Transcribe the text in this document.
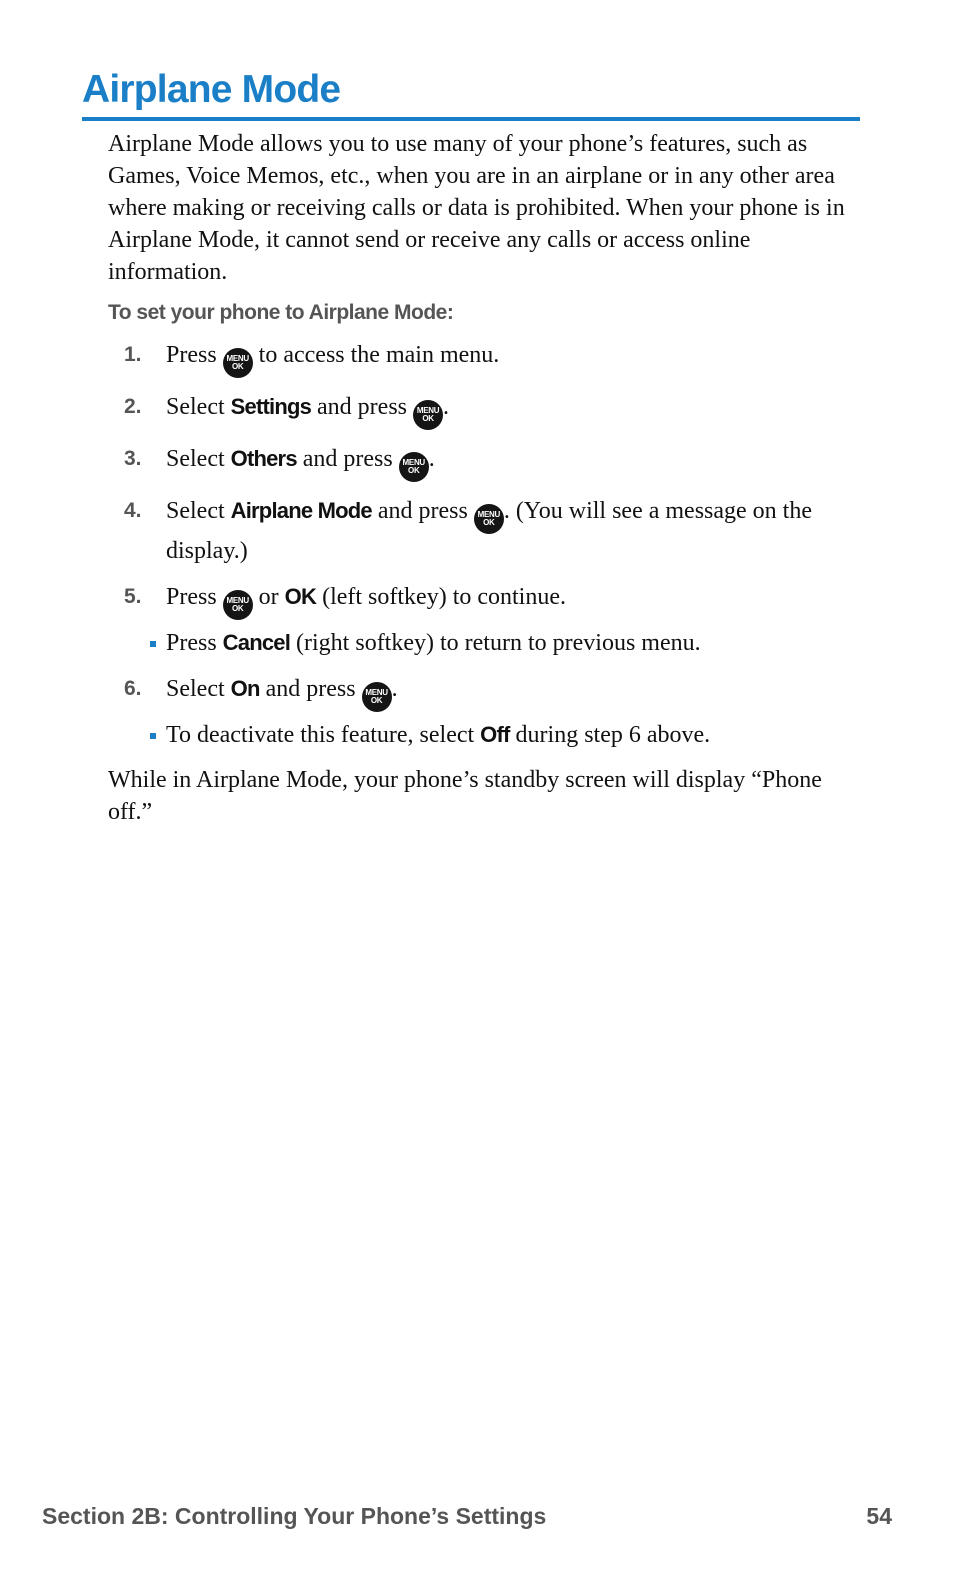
Airplane Mode

Airplane Mode allows you to use many of your phone’s features, such as Games, Voice Memos, etc., when you are in an airplane or in any other area where making or receiving calls or data is prohibited. When your phone is in Airplane Mode, it cannot send or receive any calls or access online information.

To set your phone to Airplane Mode:
1. Press	MENU
OK to access the main menu.
2. Select Settings and press	MENU
OK .
3. Select Others and press	MENU
OK .
4. Select Airplane Mode and press	MENU
OK . (You will see a message on the display.)
5. Press	MENU
OK or OK (left softkey) to continue.
Press Cancel (right softkey) to return to previous menu.
6. Select On and press	MENU
OK .
To deactivate this feature, select Off during step 6 above.

While in Airplane Mode, your phone’s standby screen will display “Phone off.”

Section 2B: Controlling Your Phone’s Settings	54
